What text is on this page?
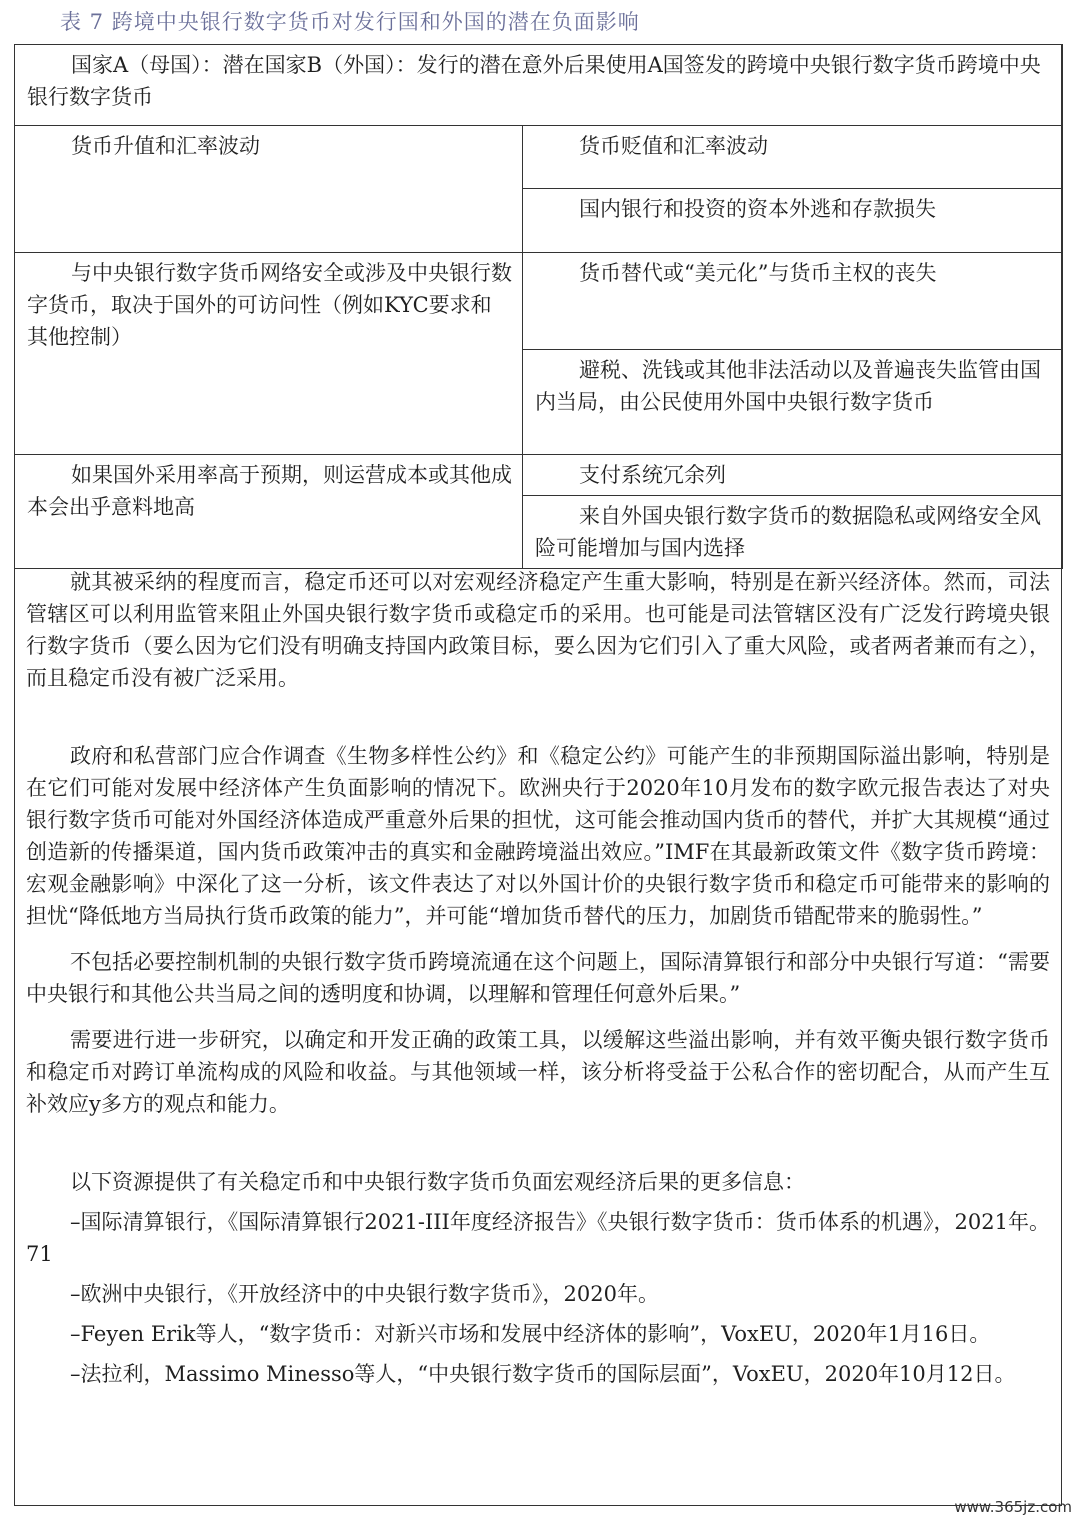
表 7 跨境中央银行数字货币对发行国和外国的潜在负面影响
国家A（母国）：潜在国家B（外国）：发行的潜在意外后果使用A国签发的跨境中央银行数字货币跨境中央银行数字货币	

货币升值和汇率波动	货币贬值和汇率波动

	国内银行和投资的资本外逃和存款损失

与中央银行数字货币网络安全或涉及中央银行数字货币，取决于国外的可访问性（例如KYC要求和其他控制）	货币替代或“美元化”与货币主权的丧失

	避税、洗钱或其他非法活动以及普遍丧失监管由国内当局，由公民使用外国中央银行数字货币

如果国外采用率高于预期，则运营成本或其他成本会出乎意料地高	支付系统冗余列

	来自外国央银行数字货币的数据隐私或网络安全风险可能增加与国内选择

就其被采纳的程度而言，稳定币还可以对宏观经济稳定产生重大影响，特别是在新兴经济体。然而，司法管辖区可以利用监管来阻止外国央银行数字货币或稳定币的采用。也可能是司法管辖区没有广泛发行跨境央银行数字货币（要么因为它们没有明确支持国内政策目标，要么因为它们引入了重大风险，或者两者兼而有之），而且稳定币没有被广泛采用。

政府和私营部门应合作调查《生物多样性公约》和《稳定公约》可能产生的非预期国际溢出影响，特别是在它们可能对发展中经济体产生负面影响的情况下。欧洲央行于2020年10月发布的数字欧元报告表达了对央银行数字货币可能对外国经济体造成严重意外后果的担忧，这可能会推动国内货币的替代，并扩大其规模“通过创造新的传播渠道，国内货币政策冲击的真实和金融跨境溢出效应。”IMF在其最新政策文件《数字货币跨境：宏观金融影响》中深化了这一分析，该文件表达了对以外国计价的央银行数字货币和稳定币可能带来的影响的担忧“降低地方当局执行货币政策的能力”，并可能“增加货币替代的压力，加剧货币错配带来的脆弱性。”

不包括必要控制机制的央银行数字货币跨境流通在这个问题上，国际清算银行和部分中央银行写道：“需要中央银行和其他公共当局之间的透明度和协调，以理解和管理任何意外后果。”

需要进行进一步研究，以确定和开发正确的政策工具，以缓解这些溢出影响，并有效平衡央银行数字货币和稳定币对跨订单流构成的风险和收益。与其他领域一样，该分析将受益于公私合作的密切配合，从而产生互补效应y多方的观点和能力。

以下资源提供了有关稳定币和中央银行数字货币负面宏观经济后果的更多信息：

–国际清算银行，《国际清算银行2021-III年度经济报告》《央银行数字货币：货币体系的机遇》，2021年。71

–欧洲中央银行，《开放经济中的中央银行数字货币》，2020年。

–Feyen Erik等人，“数字货币：对新兴市场和发展中经济体的影响”，VoxEU，2020年1月16日。

–法拉利，Massimo Minesso等人，“中央银行数字货币的国际层面”，VoxEU，2020年10月12日。

www.365jz.com
